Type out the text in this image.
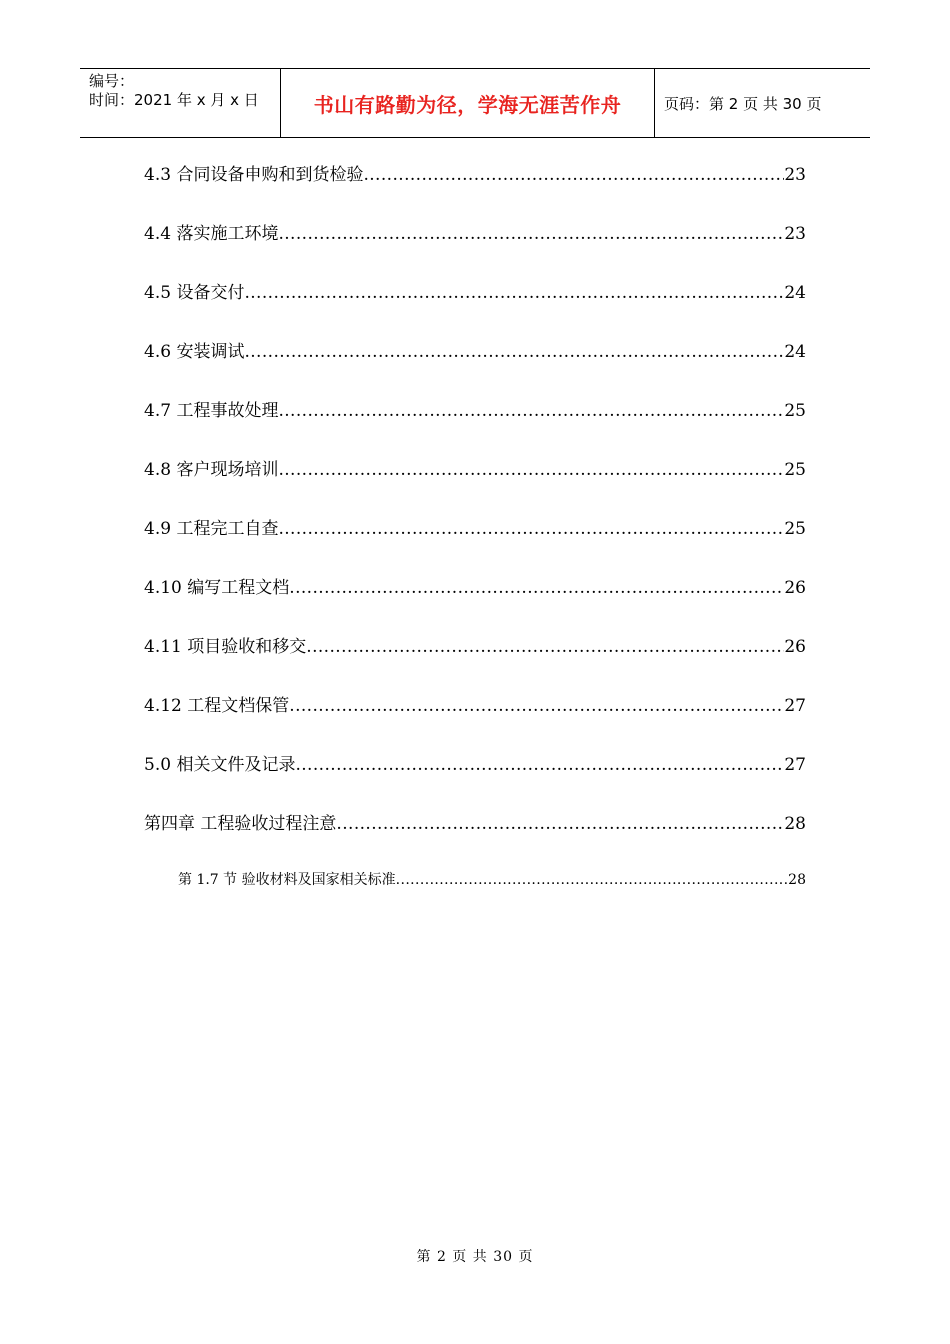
编号：
时间：2021 年 x 月 x 日	书山有路勤为径，学海无涯苦作舟	页码：第 2 页 共 30 页
4.3 合同设备申购和到货检验 .....	23
4.4 落实施工环境 .....	23
4.5 设备交付 .....	24
4.6 安装调试 .....	24
4.7 工程事故处理 .....	25
4.8 客户现场培训 .....	25
4.9 工程完工自查 .....	25
4.10 编写工程文档 .....	26
4.11 项目验收和移交 .....	26
4.12 工程文档保管 .....	27
5.0 相关文件及记录 .....	27
第四章 工程验收过程注意 .....	28
第 1.7 节 验收材料及国家相关标准 .....	28
第 2 页 共 30 页
